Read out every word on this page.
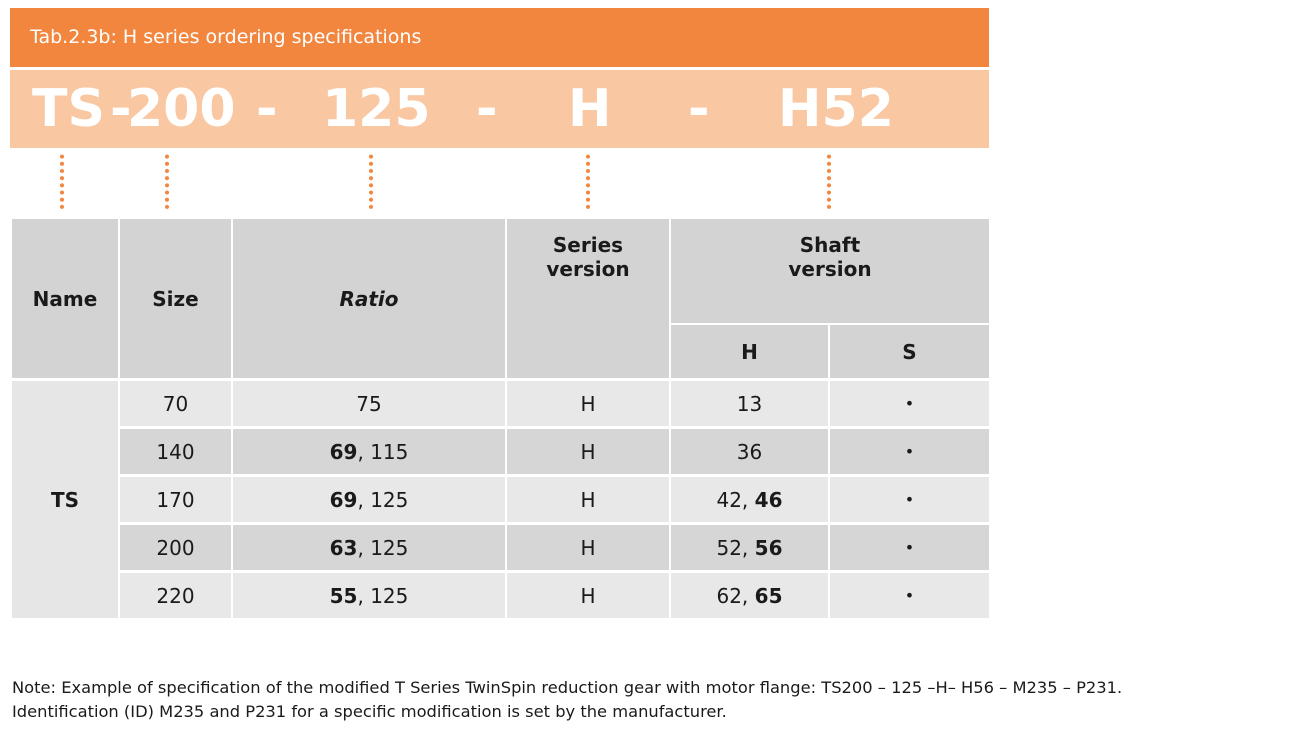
Tab.2.3b: H series ordering specifications
TS -
200 - 125 - H - H52
Name	Size	Ratio
Series
version
Shaft
version
H	S
TS
70	75	H	13	•
140	69, 115	H	36	•
170	69, 125	H	42, 46	•
200	63, 125	H	52, 56	•
220	55, 125	H	62, 65	•
Note: Example of specification of the modified T Series TwinSpin reduction gear with motor flange: TS200 – 125 –H– H56 – M235 – P231.
Identification (ID) M235 and P231 for a specific modification is set by the manufacturer.
